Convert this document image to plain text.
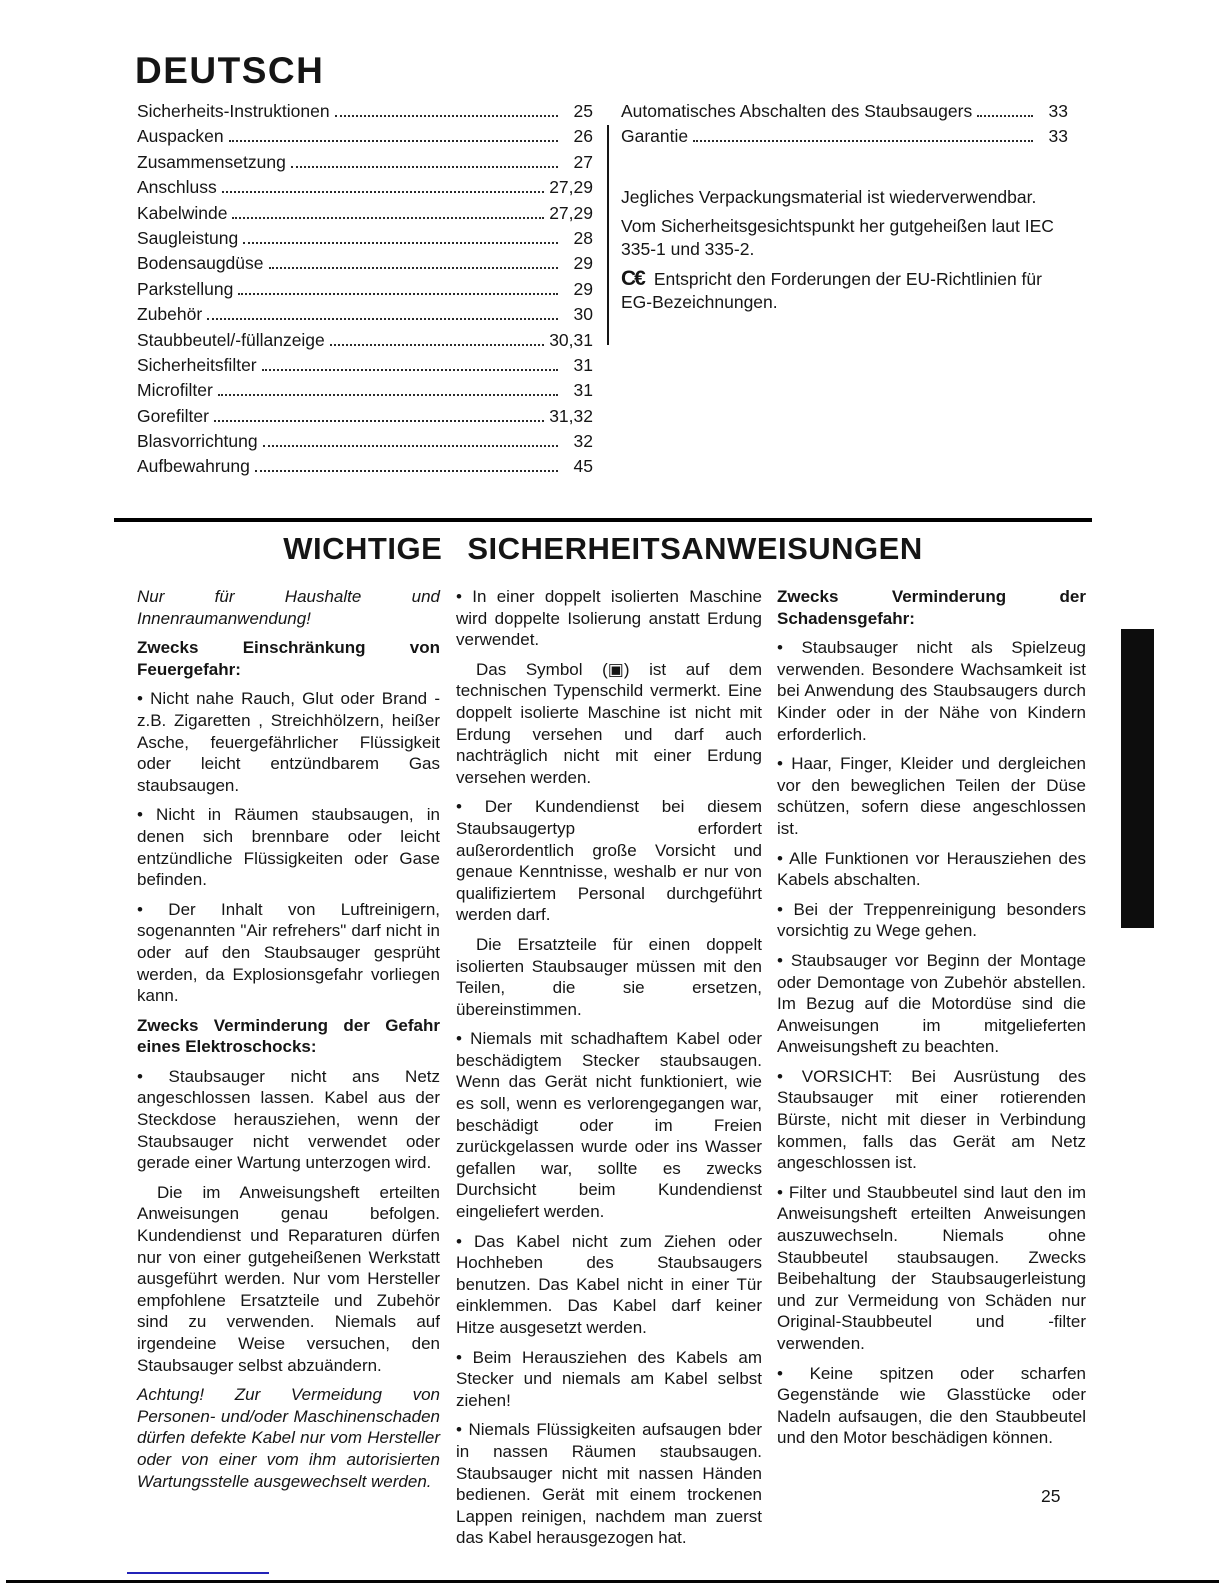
DEUTSCH
Sicherheits-Instruktionen	25
Auspacken	26
Zusammensetzung	27
Anschluss	27,29
Kabelwinde	27,29
Saugleistung	28
Bodensaugdüse	29
Parkstellung	29
Zubehör	30
Staubbeutel/-füllanzeige	30,31
Sicherheitsfilter	31
Microfilter	31
Gorefilter	31,32
Blasvorrichtung	32
Aufbewahrung	45
Automatisches Abschalten des Staubsaugers	33
Garantie	33

Jegliches Verpackungsmaterial ist wiederverwendbar.

Vom Sicherheitsgesichtspunkt her gutgeheißen laut IEC 335-1 und 335-2.

C€ Entspricht den Forderungen der EU-Richtlinien für EG-Bezeichnungen.

WICHTIGE SICHERHEITSANWEISUNGEN

Nur für Haushalte und Innenraumanwendung!

Zwecks Einschränkung von Feuergefahr:

• Nicht nahe Rauch, Glut oder Brand - z.B. Zigaretten , Streichhölzern, heißer Asche, feuergefährlicher Flüssigkeit oder leicht entzündbarem Gas staubsaugen.

• Nicht in Räumen staubsaugen, in denen sich brennbare oder leicht entzündliche Flüssigkeiten oder Gase befinden.

• Der Inhalt von Luftreinigern, sogenannten "Air refrehers" darf nicht in oder auf den Staubsauger gesprüht werden, da Explosionsgefahr vorliegen kann.

Zwecks Verminderung der Gefahr eines Elektroschocks:

• Staubsauger nicht ans Netz angeschlossen lassen. Kabel aus der Steckdose herausziehen, wenn der Staubsauger nicht verwendet oder gerade einer Wartung unterzogen wird.

Die im Anweisungsheft erteilten Anweisungen genau befolgen. Kundendienst und Reparaturen dürfen nur von einer gutgeheißenen Werkstatt ausgeführt werden. Nur vom Hersteller empfohlene Ersatzteile und Zubehör sind zu verwenden. Niemals auf irgendeine Weise versuchen, den Staubsauger selbst abzuändern.

Achtung! Zur Vermeidung von Personen- und/oder Maschinenschaden dürfen defekte Kabel nur vom Hersteller oder von einer vom ihm autorisierten Wartungsstelle ausgewechselt werden.

• In einer doppelt isolierten Maschine wird doppelte Isolierung anstatt Erdung verwendet.

Das Symbol (▣) ist auf dem technischen Typenschild vermerkt. Eine doppelt isolierte Maschine ist nicht mit Erdung versehen und darf auch nachträglich nicht mit einer Erdung versehen werden.

• Der Kundendienst bei diesem Staubsaugertyp erfordert außerordentlich große Vorsicht und genaue Kenntnisse, weshalb er nur von qualifiziertem Personal durchgeführt werden darf.

Die Ersatzteile für einen doppelt isolierten Staubsauger müssen mit den Teilen, die sie ersetzen, übereinstimmen.

• Niemals mit schadhaftem Kabel oder beschädigtem Stecker staubsaugen. Wenn das Gerät nicht funktioniert, wie es soll, wenn es verlorengegangen war, beschädigt oder im Freien zurückgelassen wurde oder ins Wasser gefallen war, sollte es zwecks Durchsicht beim Kundendienst eingeliefert werden.

• Das Kabel nicht zum Ziehen oder Hochheben des Staubsaugers benutzen. Das Kabel nicht in einer Tür einklemmen. Das Kabel darf keiner Hitze ausgesetzt werden.

• Beim Herausziehen des Kabels am Stecker und niemals am Kabel selbst ziehen!

• Niemals Flüssigkeiten aufsaugen bder in nassen Räumen staubsaugen. Staubsauger nicht mit nassen Händen bedienen. Gerät mit einem trockenen Lappen reinigen, nachdem man zuerst das Kabel herausgezogen hat.

Zwecks Verminderung der Schadensgefahr:

• Staubsauger nicht als Spielzeug verwenden. Besondere Wachsamkeit ist bei Anwendung des Staubsaugers durch Kinder oder in der Nähe von Kindern erforderlich.

• Haar, Finger, Kleider und dergleichen vor den beweglichen Teilen der Düse schützen, sofern diese angeschlossen ist.

• Alle Funktionen vor Herausziehen des Kabels abschalten.

• Bei der Treppenreinigung besonders vorsichtig zu Wege gehen.

• Staubsauger vor Beginn der Montage oder Demontage von Zubehör abstellen. Im Bezug auf die Motordüse sind die Anweisungen im mitgelieferten Anweisungsheft zu beachten.

• VORSICHT: Bei Ausrüstung des Staubsauger mit einer rotierenden Bürste, nicht mit dieser in Verbindung kommen, falls das Gerät am Netz angeschlossen ist.

• Filter und Staubbeutel sind laut den im Anweisungsheft erteilten Anweisungen auszuwechseln. Niemals ohne Staubbeutel staubsaugen. Zwecks Beibehaltung der Staubsaugerleistung und zur Vermeidung von Schäden nur Original-Staubbeutel und -filter verwenden.

• Keine spitzen oder scharfen Gegenstände wie Glasstücke oder Nadeln aufsaugen, die den Staubbeutel und den Motor beschädigen können.

25
